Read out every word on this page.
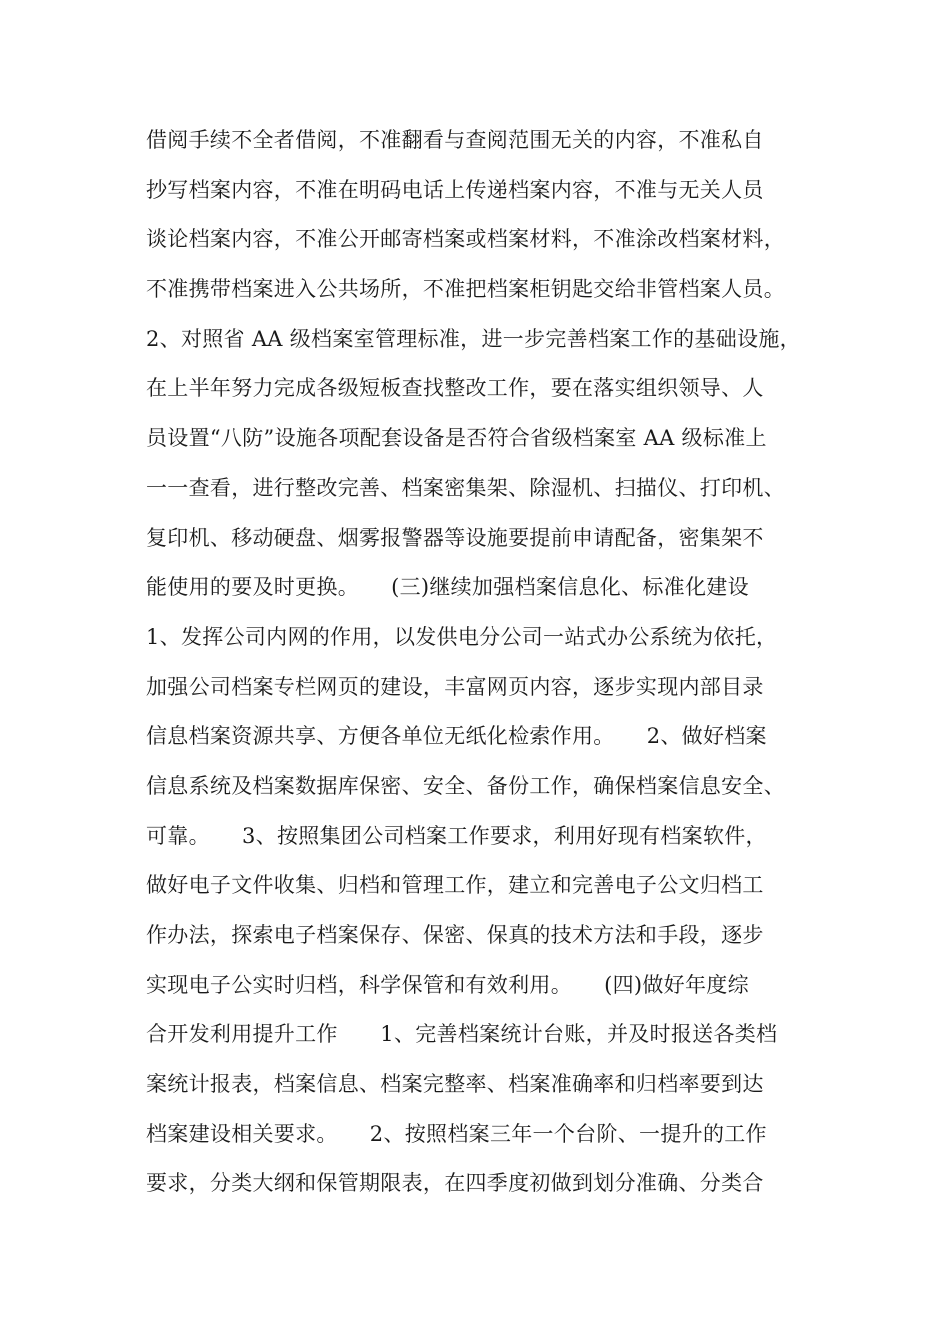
借阅手续不全者借阅，不准翻看与查阅范围无关的内容，不准私自
抄写档案内容，不准在明码电话上传递档案内容，不准与无关人员
谈论档案内容，不准公开邮寄档案或档案材料，不准涂改档案材料，
不准携带档案进入公共场所，不准把档案柜钥匙交给非管档案人员。
2、对照省 AA 级档案室管理标准，进一步完善档案工作的基础设施，
在上半年努力完成各级短板查找整改工作，要在落实组织领导、人
员设置“八防”设施各项配套设备是否符合省级档案室 AA 级标准上
一一查看，进行整改完善、档案密集架、除湿机、扫描仪、打印机、
复印机、移动硬盘、烟雾报警器等设施要提前申请配备，密集架不
能使用的要及时更换。　　(三)继续加强档案信息化、标准化建设
1、发挥公司内网的作用，以发供电分公司一站式办公系统为依托，
加强公司档案专栏网页的建设，丰富网页内容，逐步实现内部目录
信息档案资源共享、方便各单位无纸化检索作用。　　2、做好档案
信息系统及档案数据库保密、安全、备份工作，确保档案信息安全、
可靠。　　3、按照集团公司档案工作要求，利用好现有档案软件，
做好电子文件收集、归档和管理工作，建立和完善电子公文归档工
作办法，探索电子档案保存、保密、保真的技术方法和手段，逐步
实现电子公实时归档，科学保管和有效利用。　　(四)做好年度综
合开发利用提升工作　　1、完善档案统计台账，并及时报送各类档
案统计报表，档案信息、档案完整率、档案准确率和归档率要到达
档案建设相关要求。　　2、按照档案三年一个台阶、一提升的工作
要求，分类大纲和保管期限表，在四季度初做到划分准确、分类合
